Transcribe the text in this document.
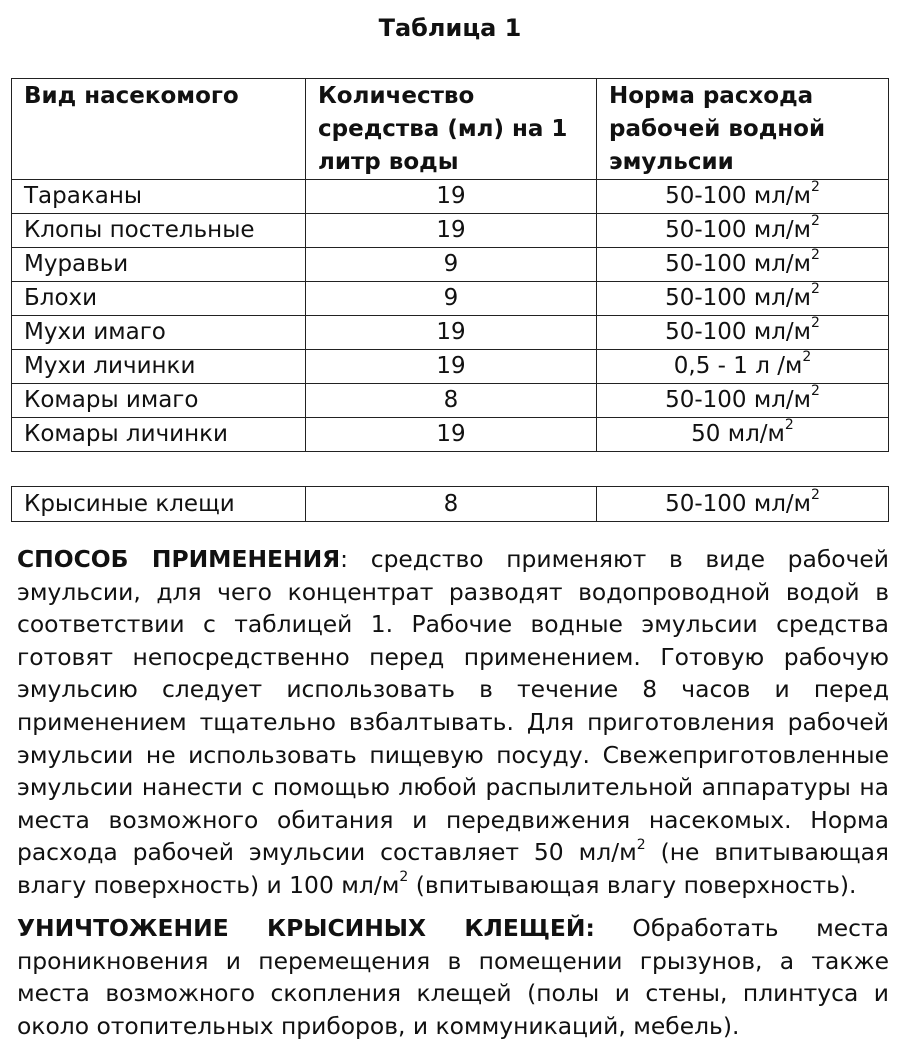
Таблица 1
Вид насекомого	Количество средства (мл) на 1 литр воды	Норма расхода рабочей водной эмульсии
Тараканы	19	50-100 $мл/м^2$
Клопы постельные	19	50-100 $мл/м^2$
Муравьи	9	50-100 $мл/м^2$
Блохи	9	50-100 $мл/м^2$
Мухи имаго	19	50-100 $мл/м^2$
Мухи личинки	19	0,5 - 1 л $/м^2$
Комары имаго	8	50-100 $мл/м^2$
Комары личинки	19	50 $мл/м^2$
Крысиные клещи	8	50-100 $мл/м^2$

СПОСОБ ПРИМЕНЕНИЯ: средство применяют в виде рабочей эмульсии, для чего концентрат разводят водопроводной водой в соответствии с таблицей 1. Рабочие водные эмульсии средства готовят непосредственно перед применением. Готовую рабочую эмульсию следует использовать в течение 8 часов и перед применением тщательно взбалтывать. Для приготовления рабочей эмульсии не использовать пищевую посуду. Свежеприготовленные эмульсии нанести с помощью любой распылительной аппаратуры на места возможного обитания и передвижения насекомых. Норма расхода рабочей эмульсии составляет 50 $мл/м^2$ (не впитывающая влагу поверхность) и 100 $мл/м^2$ (впитывающая влагу поверхность).

УНИЧТОЖЕНИЕ КРЫСИНЫХ КЛЕЩЕЙ: Обработать места проникновения и перемещения в помещении грызунов, а также места возможного скопления клещей (полы и стены, плинтуса и около отопительных приборов, и коммуникаций, мебель).
